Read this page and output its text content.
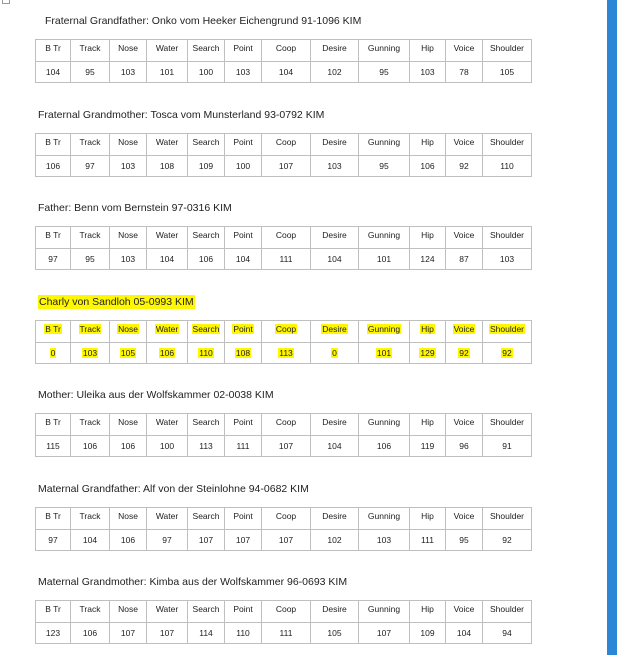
Fraternal Grandfather: Onko vom Heeker Eichengrund 91-1096 KIM
B Tr	Track	Nose	Water	Search	Point	Coop	Desire	Gunning	Hip	Voice	Shoulder
104	95	103	101	100	103	104	102	95	103	78	105
Fraternal Grandmother: Tosca vom Munsterland 93-0792 KIM
B Tr	Track	Nose	Water	Search	Point	Coop	Desire	Gunning	Hip	Voice	Shoulder
106	97	103	108	109	100	107	103	95	106	92	110
Father: Benn vom Bernstein 97-0316 KIM
B Tr	Track	Nose	Water	Search	Point	Coop	Desire	Gunning	Hip	Voice	Shoulder
97	95	103	104	106	104	111	104	101	124	87	103
Charly von Sandloh 05-0993 KIM
B Tr	Track	Nose	Water	Search	Point	Coop	Desire	Gunning	Hip	Voice	Shoulder
0	103	105	106	110	108	113	0	101	129	92	92
Mother: Uleika aus der Wolfskammer 02-0038 KIM
B Tr	Track	Nose	Water	Search	Point	Coop	Desire	Gunning	Hip	Voice	Shoulder
115	106	106	100	113	111	107	104	106	119	96	91
Maternal Grandfather: Alf von der Steinlohne 94-0682 KIM
B Tr	Track	Nose	Water	Search	Point	Coop	Desire	Gunning	Hip	Voice	Shoulder
97	104	106	97	107	107	107	102	103	111	95	92
Maternal Grandmother: Kimba aus der Wolfskammer 96-0693 KIM
B Tr	Track	Nose	Water	Search	Point	Coop	Desire	Gunning	Hip	Voice	Shoulder
123	106	107	107	114	110	111	105	107	109	104	94
